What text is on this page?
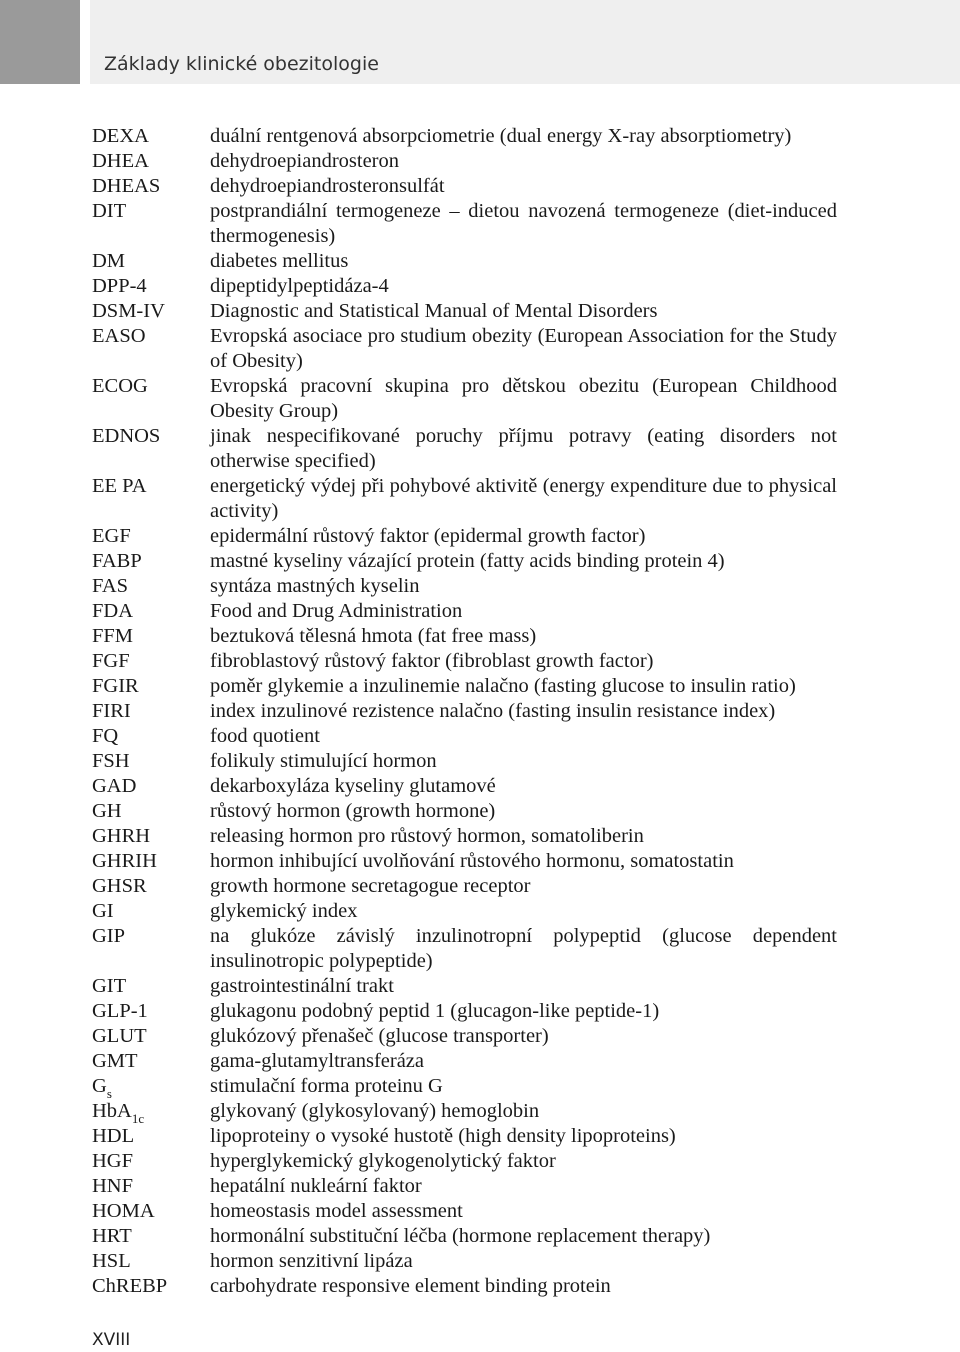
Základy klinické obezitologie
DEXA	duální rentgenová absorpciometrie (dual energy X-ray absorptiometry)
DHEA	dehydroepiandrosteron
DHEAS	dehydroepiandrosteronsulfát
DIT	postprandiální termogeneze – dietou navozená termogeneze (diet-induced thermogenesis)
DM	diabetes mellitus
DPP-4	dipeptidylpeptidáza-4
DSM-IV	Diagnostic and Statistical Manual of Mental Disorders
EASO	Evropská asociace pro studium obezity (European Association for the Study of Obesity)
ECOG	Evropská pracovní skupina pro dětskou obezitu (European Childhood Obesity Group)
EDNOS	jinak nespecifikované poruchy příjmu potravy (eating disorders not otherwise specified)
EE PA	energetický výdej při pohybové aktivitě (energy expenditure due to physical activity)
EGF	epidermální růstový faktor (epidermal growth factor)
FABP	mastné kyseliny vázající protein (fatty acids binding protein 4)
FAS	syntáza mastných kyselin
FDA	Food and Drug Administration
FFM	beztuková tělesná hmota (fat free mass)
FGF	fibroblastový růstový faktor (fibroblast growth factor)
FGIR	poměr glykemie a inzulinemie nalačno (fasting glucose to insulin ratio)
FIRI	index inzulinové rezistence nalačno (fasting insulin resistance index)
FQ	food quotient
FSH	folikuly stimulující hormon
GAD	dekarboxyláza kyseliny glutamové
GH	růstový hormon (growth hormone)
GHRH	releasing hormon pro růstový hormon, somatoliberin
GHRIH	hormon inhibující uvolňování růstového hormonu, somatostatin
GHSR	growth hormone secretagogue receptor
GI	glykemický index
GIP	na glukóze závislý inzulinotropní polypeptid (glucose dependent insulinotropic polypeptide)
GIT	gastrointestinální trakt
GLP-1	glukagonu podobný peptid 1 (glucagon-like peptide-1)
GLUT	glukózový přenašeč (glucose transporter)
GMT	gama-glutamyltransferáza
$G_s$	stimulační forma proteinu G
HbA$_{1c}$	glykovaný (glykosylovaný) hemoglobin
HDL	lipoproteiny o vysoké hustotě (high density lipoproteins)
HGF	hyperglykemický glykogenolytický faktor
HNF	hepatální nukleární faktor
HOMA	homeostasis model assessment
HRT	hormonální substituční léčba (hormone replacement therapy)
HSL	hormon senzitivní lipáza
ChREBP	carbohydrate responsive element binding protein
XVIII
